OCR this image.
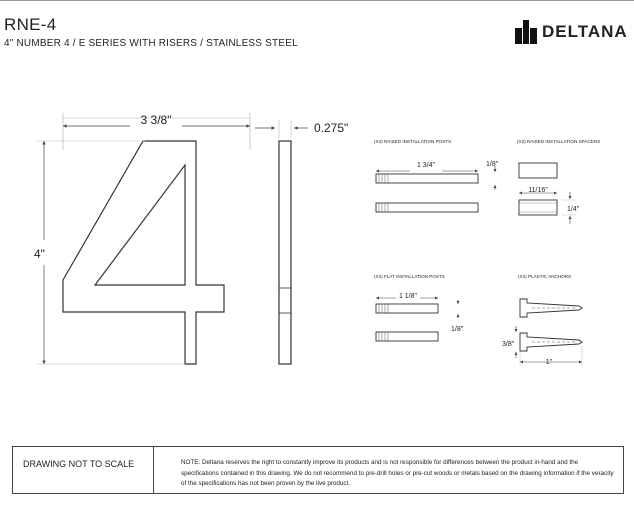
RNE-4
4" NUMBER 4 / E SERIES WITH RISERS / STAINLESS STEEL
DELTANA
3 3/8"
4"
0.275"
(X2) RAISED INSTALLATION POSTS
1 3/4"	1/8"
(X2) RAISED INSTALLATION SPACERS
11/16"
1/4"
(X2) FLAT INSTALLATION POSTS
1 1/8"
1/8"
(X2) PLASTIC ANCHORS
1"
3/8"
DRAWING NOT TO SCALE	NOTE: Deltana reserves the right to constantly improve its products and is not responsible for differences between the product in-hand and the specifications contained in this drawing. We do not recommend to pre-drill holes or pre-cut woods or metals based on the drawing information if the veracity of the specifications has not been proven by the live product.
